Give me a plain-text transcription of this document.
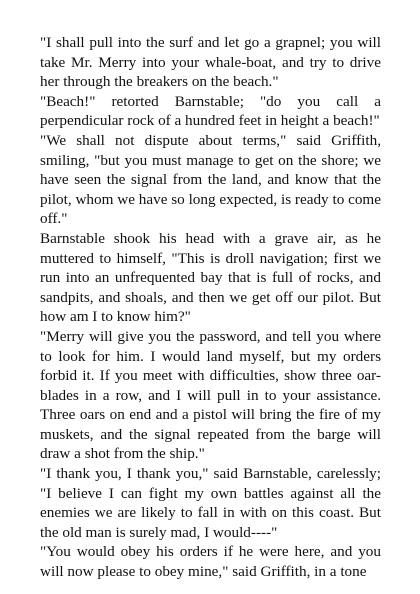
"I shall pull into the surf and let go a grapnel; you will take Mr. Merry into your whale-boat, and try to drive her through the breakers on the beach."

"Beach!" retorted Barnstable; "do you call a perpendicular rock of a hundred feet in height a beach!"

"We shall not dispute about terms," said Griffith, smiling, "but you must manage to get on the shore; we have seen the signal from the land, and know that the pilot, whom we have so long expected, is ready to come off."

Barnstable shook his head with a grave air, as he muttered to himself, "This is droll navigation; first we run into an unfrequented bay that is full of rocks, and sandpits, and shoals, and then we get off our pilot. But how am I to know him?"

"Merry will give you the password, and tell you where to look for him. I would land myself, but my orders forbid it. If you meet with difficulties, show three oar-blades in a row, and I will pull in to your assistance. Three oars on end and a pistol will bring the fire of my muskets, and the signal repeated from the barge will draw a shot from the ship."

"I thank you, I thank you," said Barnstable, carelessly; "I believe I can fight my own battles against all the enemies we are likely to fall in with on this coast. But the old man is surely mad, I would----"

"You would obey his orders if he were here, and you will now please to obey mine," said Griffith, in a tone
